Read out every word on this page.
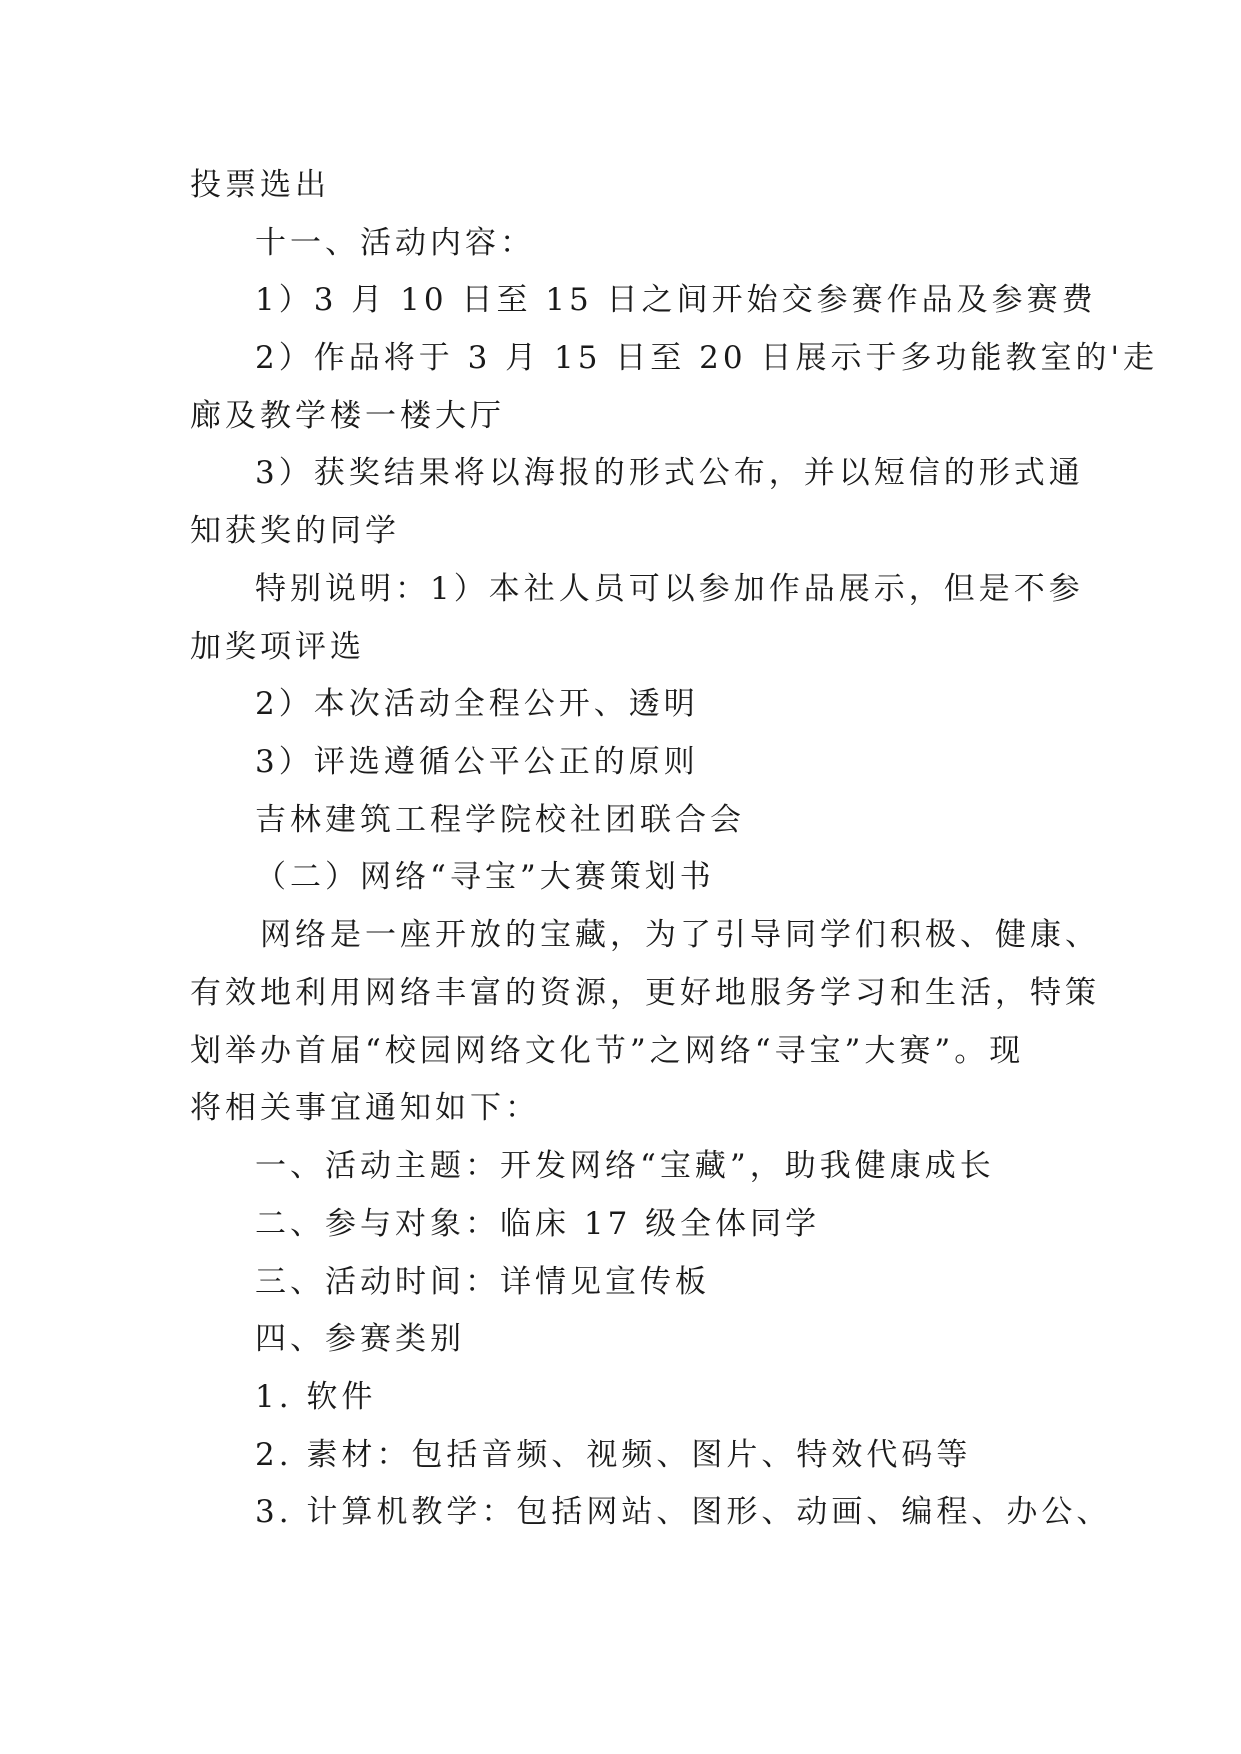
投票选出
十一、活动内容：
1）3 月 10 日至 15 日之间开始交参赛作品及参赛费
2）作品将于 3 月 15 日至 20 日展示于多功能教室的'走
廊及教学楼一楼大厅
3）获奖结果将以海报的形式公布，并以短信的形式通
知获奖的同学
特别说明：1）本社人员可以参加作品展示，但是不参
加奖项评选
2）本次活动全程公开、透明
3）评选遵循公平公正的原则
吉林建筑工程学院校社团联合会
（二）网络“寻宝”大赛策划书
网络是一座开放的宝藏，为了引导同学们积极、健康、
有效地利用网络丰富的资源，更好地服务学习和生活，特策
划举办首届“校园网络文化节”之网络“寻宝”大赛”。现
将相关事宜通知如下：
一、活动主题：开发网络“宝藏”，助我健康成长
二、参与对象：临床 17 级全体同学
三、活动时间：详情见宣传板
四、参赛类别
1. 软件
2. 素材：包括音频、视频、图片、特效代码等
3. 计算机教学：包括网站、图形、动画、编程、办公、
